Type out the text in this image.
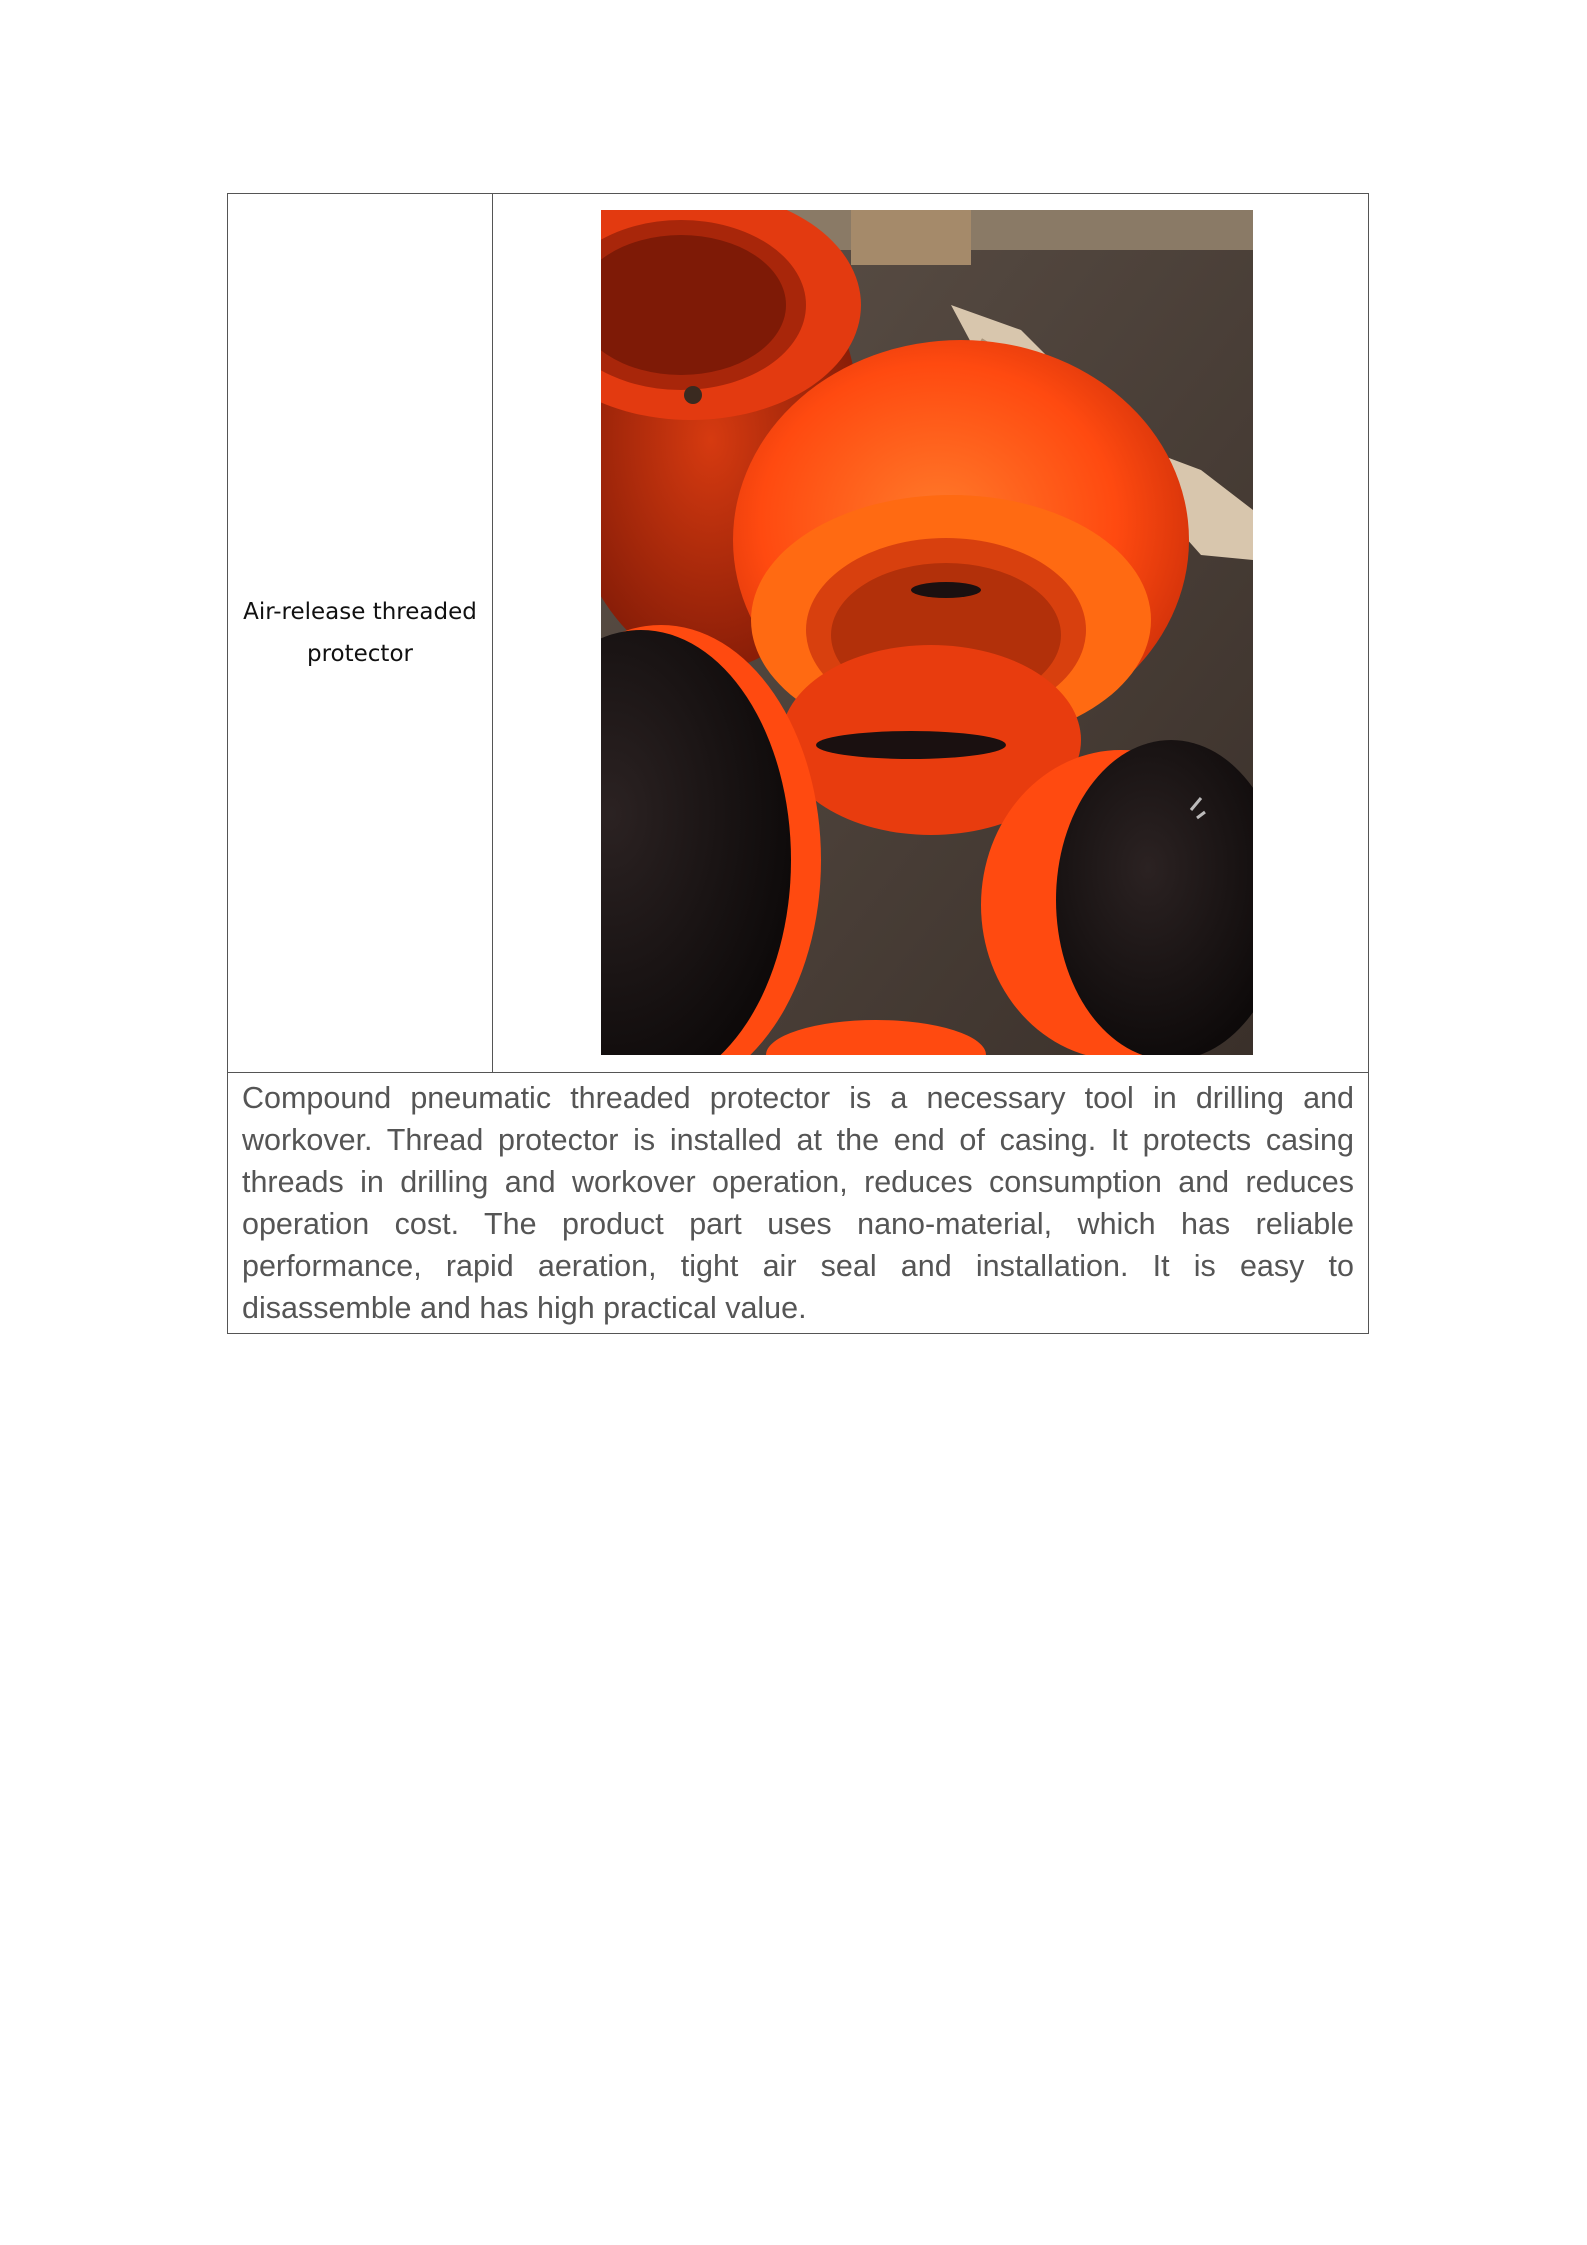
Air-release threaded protector

Compound pneumatic threaded protector is a necessary tool in drilling and workover. Thread protector is installed at the end of casing. It protects casing threads in drilling and workover operation, reduces consumption and reduces operation cost. The product part uses nano-material, which has reliable performance, rapid aeration, tight air seal and installation. It is easy to disassemble and has high practical value.
